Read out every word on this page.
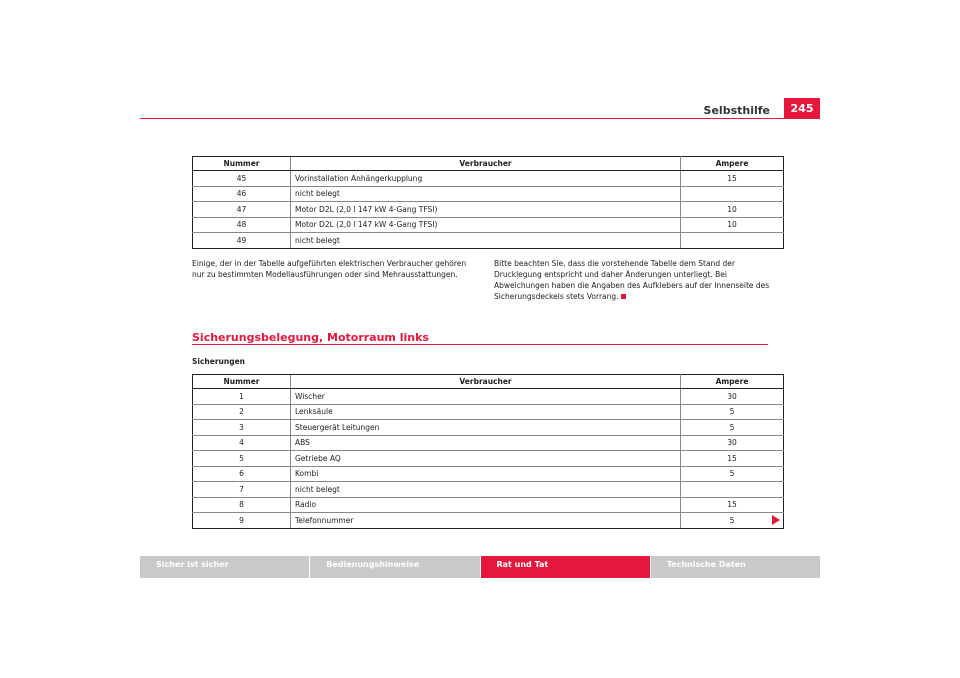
Selbsthilfe	245
Nummer	Verbraucher	Ampere
45	Vorinstallation Anhängerkupplung	15
46	nicht belegt	
47	Motor D2L (2,0 l 147 kW 4-Gang TFSI)	10
48	Motor D2L (2,0 l 147 kW 4-Gang TFSI)	10
49	nicht belegt	
Einige, der in der Tabelle aufgeführten elektrischen Verbraucher gehören nur zu bestimmten Modellausführungen oder sind Mehrausstattungen.
Bitte beachten Sie, dass die vorstehende Tabelle dem Stand der Drucklegung entspricht und daher Änderungen unterliegt. Bei Abweichungen haben die Angaben des Aufklebers auf der Innenseite des Sicherungsdeckels stets Vorrang.
Sicherungsbelegung, Motorraum links
Sicherungen
Nummer	Verbraucher	Ampere
1	Wischer	30
2	Lenksäule	5
3	Steuergerät Leitungen	5
4	ABS	30
5	Getriebe AQ	15
6	Kombi	5
7	nicht belegt	
8	Radio	15
9	Telefonnummer	5
Sicher ist sicher	Bedienungshinweise	Rat und Tat	Technische Daten
